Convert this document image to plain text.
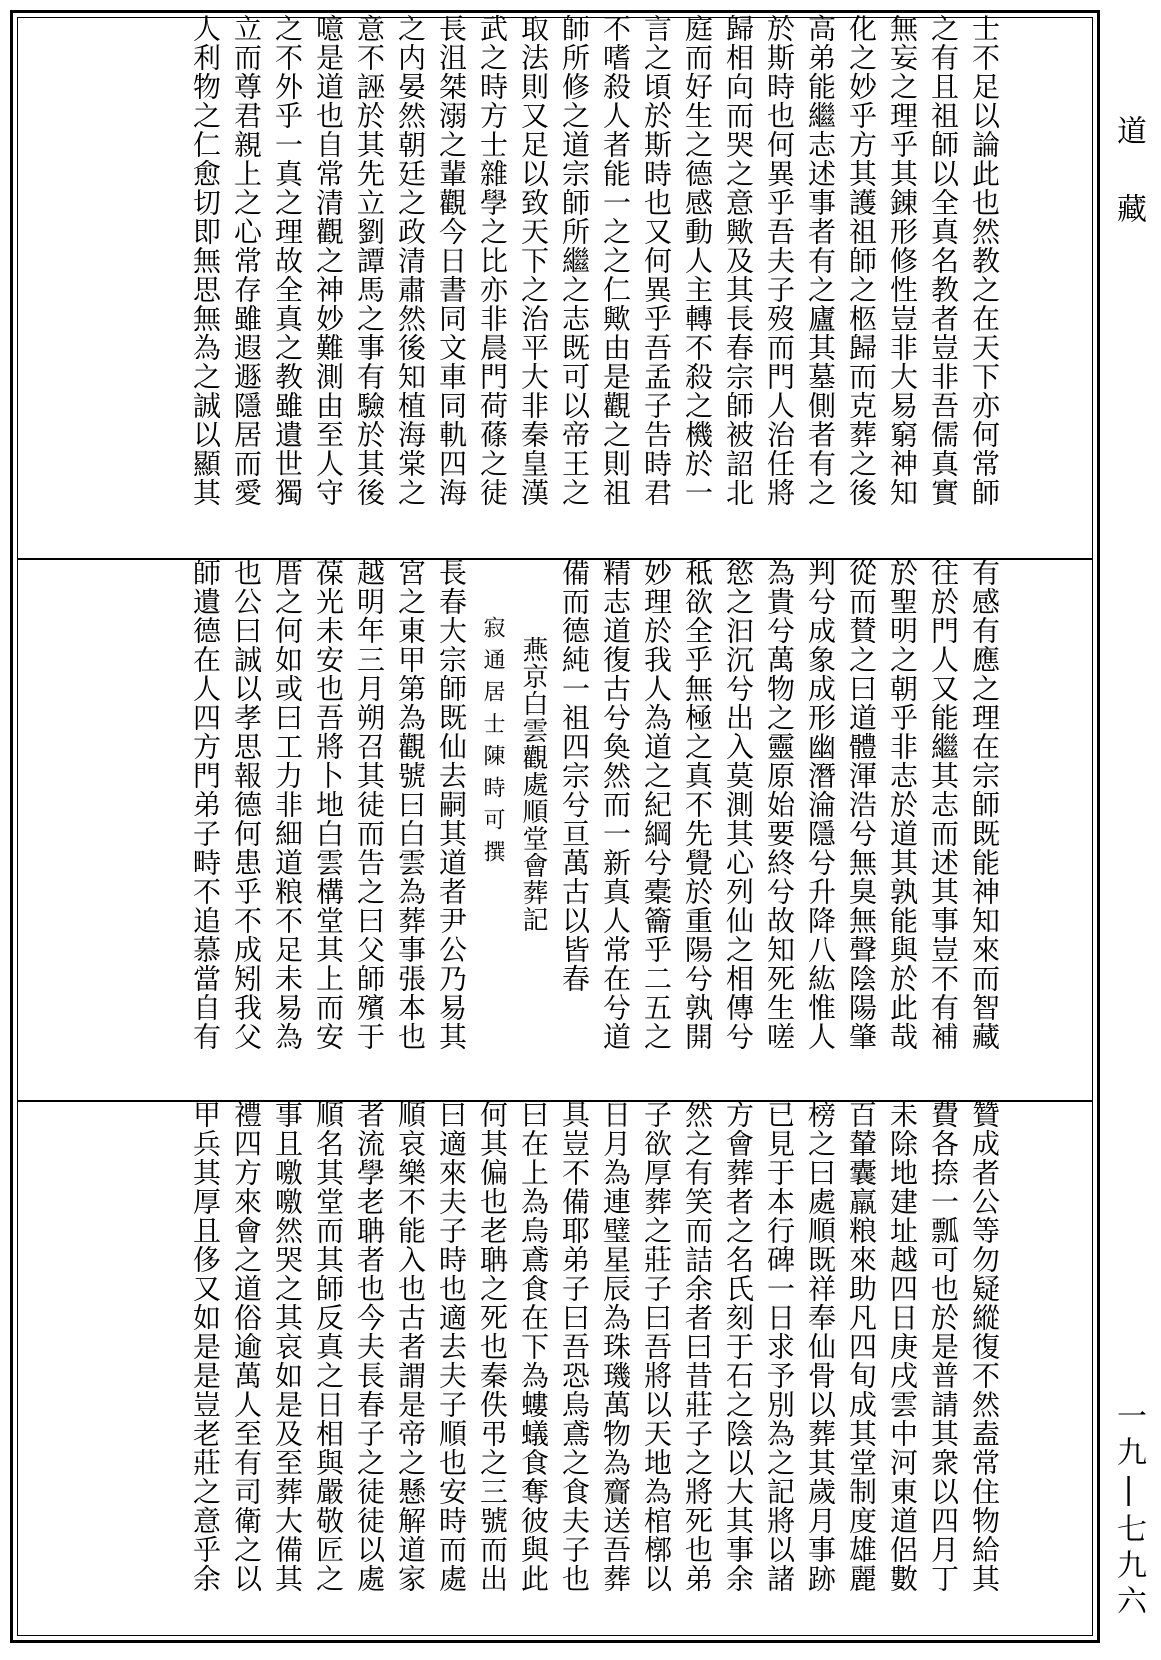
道藏
一九|七九六
士不足以論此也然教之在天下亦何常師
之有且祖師以全真名教者豈非吾儒真實
無妄之理乎其錬形修性豈非大易窮神知
化之妙乎方其護祖師之柩歸而克葬之後
高弟能繼志述事者有之廬其墓側者有之
於斯時也何異乎吾夫子歿而門人治任將
歸相向而哭之意歟及其長春宗師被詔北
庭而好生之德感動人主轉不殺之機於一
言之頃於斯時也又何異乎吾孟子告時君
不嗜殺人者能一之之仁歟由是觀之則祖
師所修之道宗師所繼之志既可以帝王之
取法則又足以致天下之治平大非秦皇漢
武之時方士雜學之比亦非晨門荷蓧之徒
長沮桀溺之輩觀今日書同文車同軌四海
之内晏然朝廷之政清肅然後知植海棠之
意不誣於其先立劉譚馬之事有驗於其後
噫是道也自常清觀之神妙難測由至人守
之不外乎一真之理故全真之教雖遺世獨
立而尊君親上之心常存雖遐遯隱居而愛
人利物之仁愈切即無思無為之誠以顯其
有感有應之理在宗師既能神知來而智藏
往於門人又能繼其志而述其事豈不有補
於聖明之朝乎非志於道其孰能與於此哉
從而賛之曰道體渾浩兮無臭無聲陰陽肇
判兮成象成形幽潛淪隱兮升降八紘惟人
為貴兮萬物之靈原始要終兮故知死生嗟
慾之汩沉兮出入莫測其心列仙之相傳兮
秪欲全乎無極之真不先覺於重陽兮孰開
妙理於我人為道之紀綱兮橐籥乎二五之
精志道復古兮奐然而一新真人常在兮道
備而德純一祖四宗兮亘萬古以皆春
燕京白雲觀處順堂會葬記
寂通居士陳時可撰
長春大宗師既仙去嗣其道者尹公乃易其
宮之東甲第為觀號曰白雲為葬事張本也
越明年三月朔召其徒而告之曰父師殯于
葆光未安也吾將卜地白雲構堂其上而安
厝之何如或曰工力非細道粮不足未易為
也公曰誠以孝思報德何患乎不成矧我父
師遺德在人四方門弟子畤不追慕當自有
贊成者公等勿疑縱復不然盍常住物給其
費各捺一瓢可也於是普請其衆以四月丁
未除地建址越四日庚戌雲中河東道侶數
百輦囊羸粮來助凡四旬成其堂制度雄麗
榜之曰處順既祥奉仙骨以葬其歲月事跡
已見于本行碑一日求予別為之記將以諸
方會葬者之名氏刻于石之陰以大其事余
然之有笑而詰余者曰昔莊子之將死也弟
子欲厚葬之莊子曰吾將以天地為棺槨以
日月為連璧星辰為珠璣萬物為齎送吾葬
具豈不備耶弟子曰吾恐烏鳶之食夫子也
曰在上為烏鳶食在下為螻蟻食奪彼與此
何其偏也老聃之死也秦佚弔之三號而出
曰適來夫子時也適去夫子順也安時而處
順哀樂不能入也古者謂是帝之懸解道家
者流學老聃者也今夫長春子之徒徒以處
順名其堂而其師反真之日相與嚴敬匠之
事且噭噭然哭之其哀如是及至葬大備其
禮四方來會之道俗逾萬人至有司衛之以
甲兵其厚且侈又如是是豈老莊之意乎余
